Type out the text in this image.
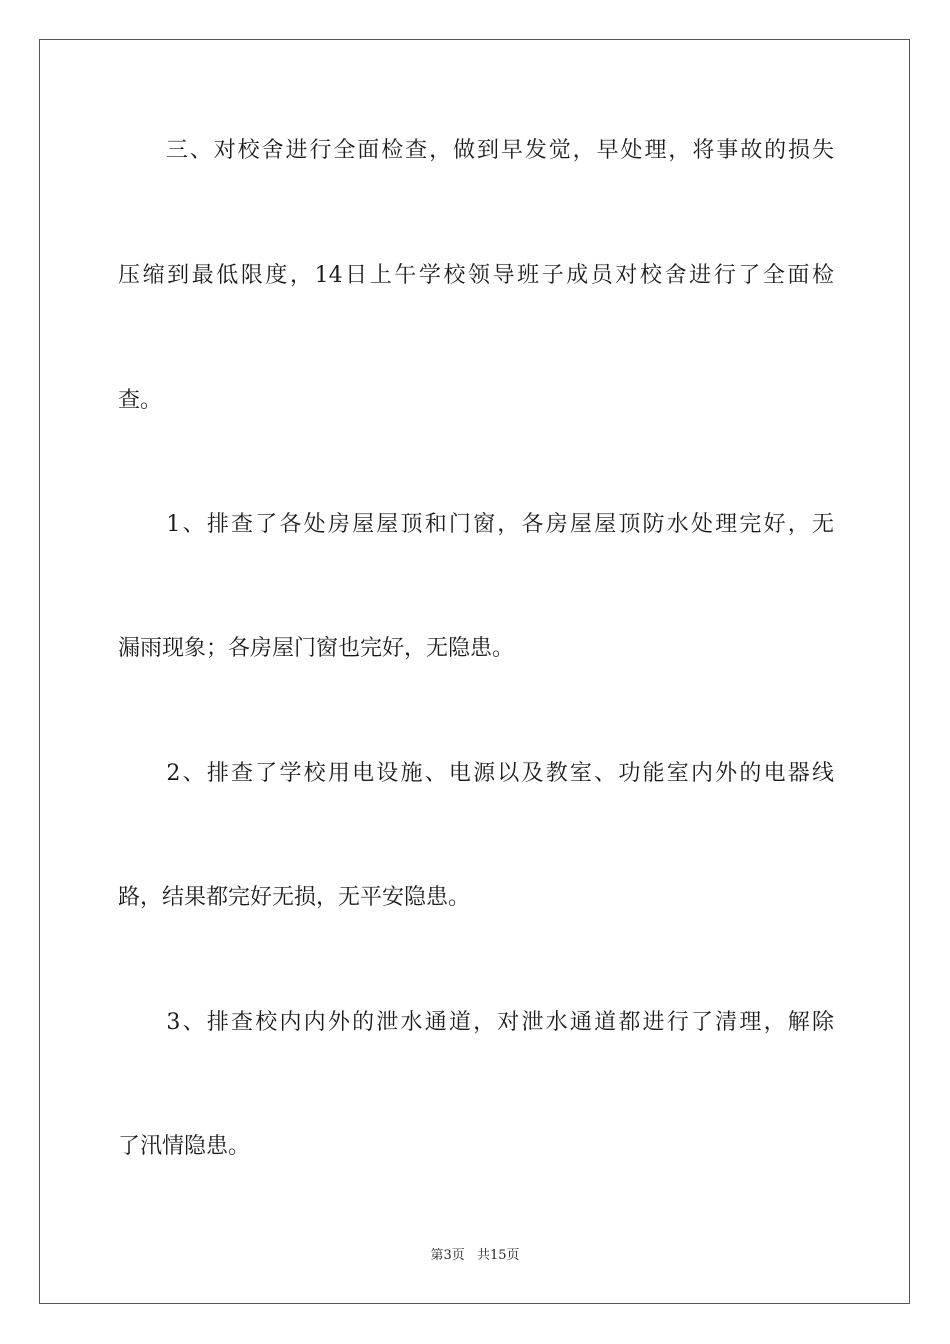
　　三、对校舍进行全面检查，做到早发觉，早处理，将事故的损失

压缩到最低限度，14日上午学校领导班子成员对校舍进行了全面检

查。

　　1、排查了各处房屋屋顶和门窗，各房屋屋顶防水处理完好，无

漏雨现象；各房屋门窗也完好，无隐患。

　　2、排查了学校用电设施、电源以及教室、功能室内外的电器线

路，结果都完好无损，无平安隐患。

　　3、排查校内内外的泄水通道，对泄水通道都进行了清理，解除

了汛情隐患。

第3页 共15页
